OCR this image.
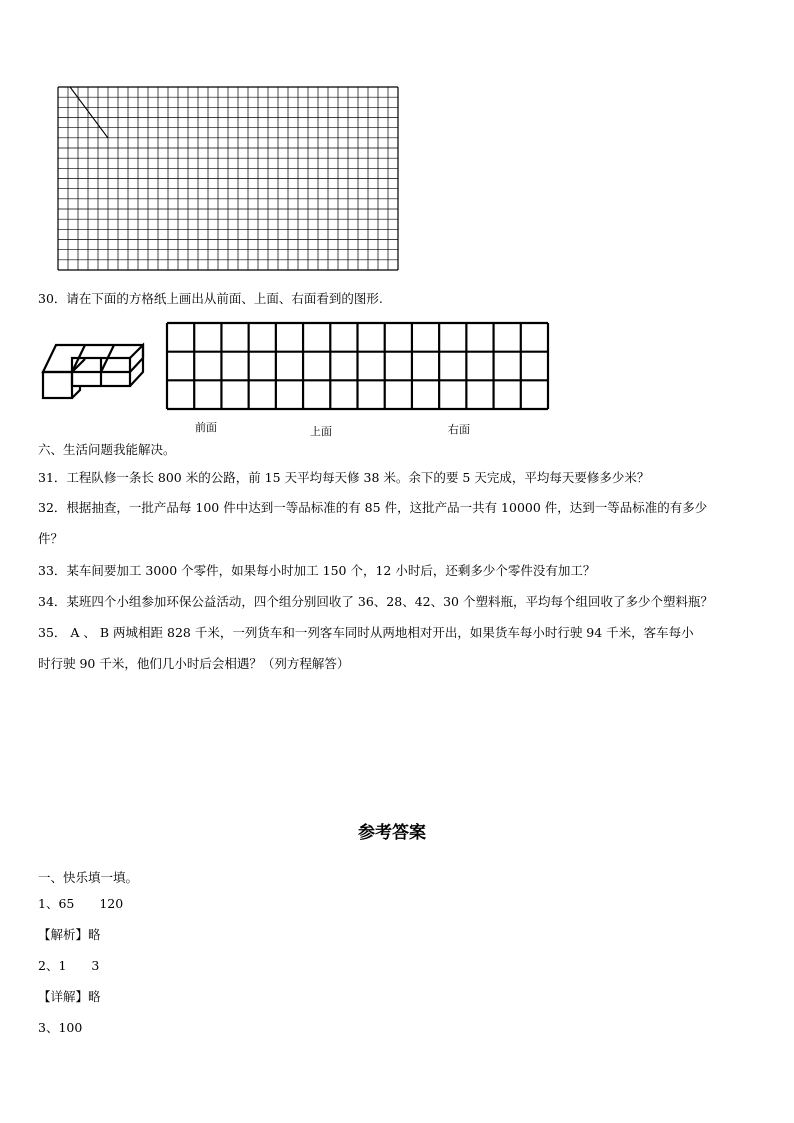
30．请在下面的方格纸上画出从前面、上面、右面看到的图形.
前面	上面	右面
六、生活问题我能解决。
31．工程队修一条长 800 米的公路，前 15 天平均每天修 38 米。余下的要 5 天完成，平均每天要修多少米？
32．根据抽查，一批产品每 100 件中达到一等品标准的有 85 件，这批产品一共有 10000 件，达到一等品标准的有多少
件？
33．某车间要加工 3000 个零件，如果每小时加工 150 个，12 小时后，还剩多少个零件没有加工？
34．某班四个小组参加环保公益活动，四个组分别回收了 36、28、42、30 个塑料瓶，平均每个组回收了多少个塑料瓶？
35． A 、 B 两城相距 828 千米，一列货车和一列客车同时从两地相对开出，如果货车每小时行驶 94 千米，客车每小
时行驶 90 千米，他们几小时后会相遇？（列方程解答）
参考答案
一、快乐填一填。
1、65　　120
【解析】略
2、1　　3
【详解】略
3、100
